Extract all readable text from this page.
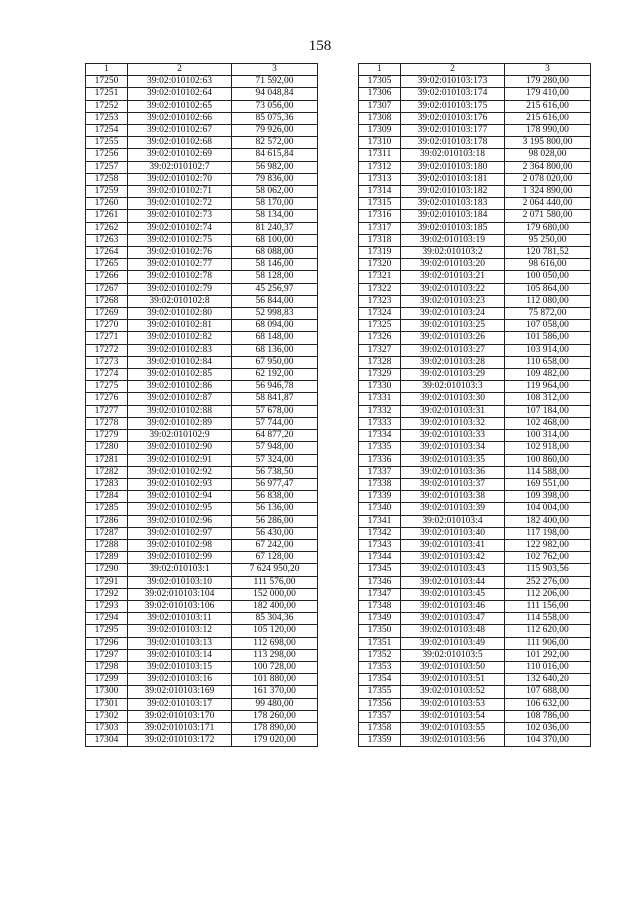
158
1	2	3
17250	39:02:010102:63	71 592,00
17251	39:02:010102:64	94 048,84
17252	39:02:010102:65	73 056,00
17253	39:02:010102:66	85 075,36
17254	39:02:010102:67	79 926,00
17255	39:02:010102:68	82 572,00
17256	39:02:010102:69	84 615,84
17257	39:02:010102:7	56 982,00
17258	39:02:010102:70	79 836,00
17259	39:02:010102:71	58 062,00
17260	39:02:010102:72	58 170,00
17261	39:02:010102:73	58 134,00
17262	39:02:010102:74	81 240,37
17263	39:02:010102:75	68 100,00
17264	39:02:010102:76	68 088,00
17265	39:02:010102:77	58 146,00
17266	39:02:010102:78	58 128,00
17267	39:02:010102:79	45 256,97
17268	39:02:010102:8	56 844,00
17269	39:02:010102:80	52 998,83
17270	39:02:010102:81	68 094,00
17271	39:02:010102:82	68 148,00
17272	39:02:010102:83	68 136,00
17273	39:02:010102:84	67 950,00
17274	39:02:010102:85	62 192,00
17275	39:02:010102:86	56 946,78
17276	39:02:010102:87	58 841,87
17277	39:02:010102:88	57 678,00
17278	39:02:010102:89	57 744,00
17279	39:02:010102:9	64 877,20
17280	39:02:010102:90	57 948,00
17281	39:02:010102:91	57 324,00
17282	39:02:010102:92	56 738,50
17283	39:02:010102:93	56 977,47
17284	39:02:010102:94	56 838,00
17285	39:02:010102:95	56 136,00
17286	39:02:010102:96	56 286,00
17287	39:02:010102:97	56 430,00
17288	39:02:010102:98	67 242,00
17289	39:02:010102:99	67 128,00
17290	39:02:010103:1	7 624 950,20
17291	39:02:010103:10	111 576,00
17292	39:02:010103:104	152 000,00
17293	39:02:010103:106	182 400,00
17294	39:02:010103:11	85 304,36
17295	39:02:010103:12	105 120,00
17296	39:02:010103:13	112 698,00
17297	39:02:010103:14	113 298,00
17298	39:02:010103:15	100 728,00
17299	39:02:010103:16	101 880,00
17300	39:02:010103:169	161 370,00
17301	39:02:010103:17	99 480,00
17302	39:02:010103:170	178 260,00
17303	39:02:010103:171	178 890,00
17304	39:02:010103:172	179 020,00
1	2	3
17305	39:02:010103:173	179 280,00
17306	39:02:010103:174	179 410,00
17307	39:02:010103:175	215 616,00
17308	39:02:010103:176	215 616,00
17309	39:02:010103:177	178 990,00
17310	39:02:010103:178	3 195 800,00
17311	39:02:010103:18	98 028,00
17312	39:02:010103:180	2 364 800,00
17313	39:02:010103:181	2 078 020,00
17314	39:02:010103:182	1 324 890,00
17315	39:02:010103:183	2 064 440,00
17316	39:02:010103:184	2 071 580,00
17317	39:02:010103:185	179 680,00
17318	39:02:010103:19	95 250,00
17319	39:02:010103:2	120 781,52
17320	39:02:010103:20	98 616,00
17321	39:02:010103:21	100 050,00
17322	39:02:010103:22	105 864,00
17323	39:02:010103:23	112 080,00
17324	39:02:010103:24	75 872,00
17325	39:02:010103:25	107 058,00
17326	39:02:010103:26	101 586,00
17327	39:02:010103:27	103 914,00
17328	39:02:010103:28	110 658,00
17329	39:02:010103:29	109 482,00
17330	39:02:010103:3	119 964,00
17331	39:02:010103:30	108 312,00
17332	39:02:010103:31	107 184,00
17333	39:02:010103:32	102 468,00
17334	39:02:010103:33	100 314,00
17335	39:02:010103:34	102 918,00
17336	39:02:010103:35	100 860,00
17337	39:02:010103:36	114 588,00
17338	39:02:010103:37	169 551,00
17339	39:02:010103:38	109 398,00
17340	39:02:010103:39	104 004,00
17341	39:02:010103:4	182 400,00
17342	39:02:010103:40	117 198,00
17343	39:02:010103:41	122 982,00
17344	39:02:010103:42	102 762,00
17345	39:02:010103:43	115 903,56
17346	39:02:010103:44	252 276,00
17347	39:02:010103:45	112 206,00
17348	39:02:010103:46	111 156,00
17349	39:02:010103:47	114 558,00
17350	39:02:010103:48	112 620,00
17351	39:02:010103:49	111 906,00
17352	39:02:010103:5	101 292,00
17353	39:02:010103:50	110 016,00
17354	39:02:010103:51	132 640,20
17355	39:02:010103:52	107 688,00
17356	39:02:010103:53	106 632,00
17357	39:02:010103:54	108 786,00
17358	39:02:010103:55	102 036,00
17359	39:02:010103:56	104 370,00
